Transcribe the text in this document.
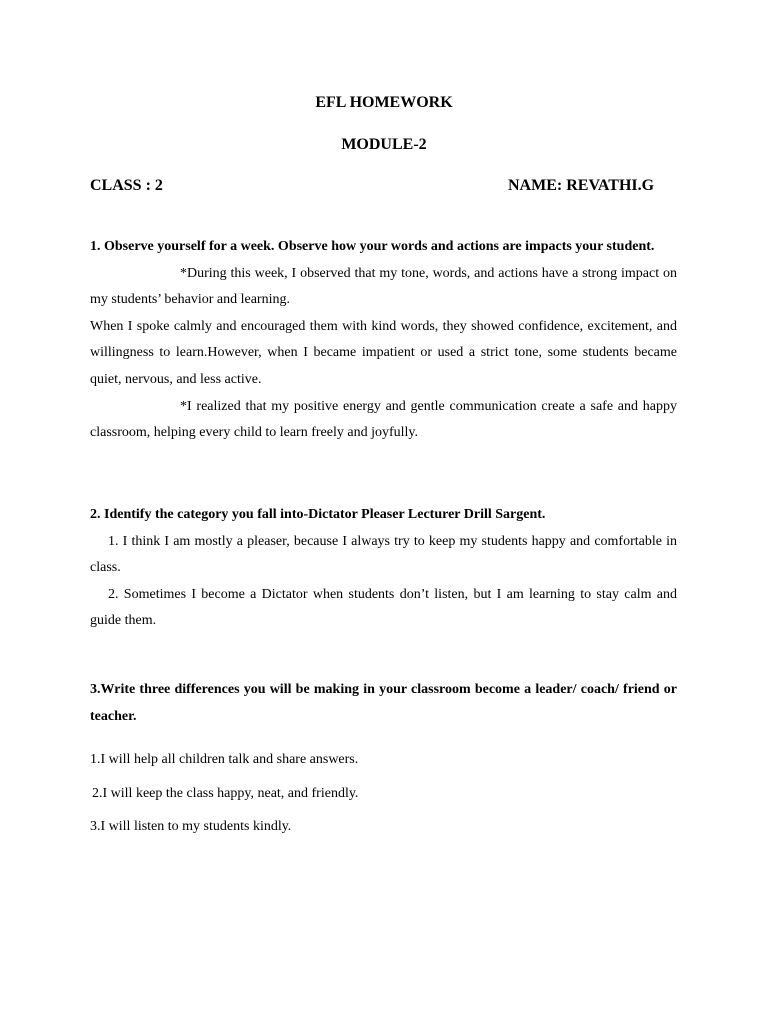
EFL HOMEWORK
MODULE-2
CLASS : 2	NAME: REVATHI.G

1. Observe yourself for a week. Observe how your words and actions are impacts your student.

*During this week, I observed that my tone, words, and actions have a strong impact on my students’ behavior and learning.

When I spoke calmly and encouraged them with kind words, they showed confidence, excitement, and willingness to learn.However, when I became impatient or used a strict tone, some students became quiet, nervous, and less active.

*I realized that my positive energy and gentle communication create a safe and happy classroom, helping every child to learn freely and joyfully.

2. Identify the category you fall into-Dictator Pleaser Lecturer Drill Sargent.

1. I think I am mostly a pleaser, because I always try to keep my students happy and comfortable in class.

2. Sometimes I become a Dictator when students don’t listen, but I am learning to stay calm and guide them.

3.Write three differences you will be making in your classroom become a leader/ coach/ friend or teacher.

1.I will help all children talk and share answers.

2.I will keep the class happy, neat, and friendly.

3.I will listen to my students kindly.
